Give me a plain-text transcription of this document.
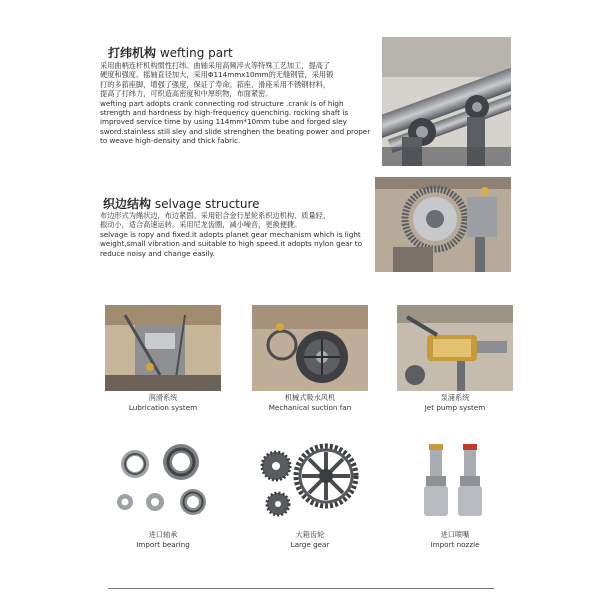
打纬机构 wefting part

采用曲柄连杆机构惯性打纬。曲轴采用高频淬火等特殊工艺加工，提高了

硬度和强度。摇轴直径加大，采用Φ114mmx10mm的无缝钢管，采用锻

打的多筘座脚，增强了强度，保证了寿命。筘座、滑座采用不锈钢材料，

提高了打纬力，可织造高密度和中厚织物，布面紧密。

wefting part adopts crank connecting rod structure .crank is of high

strength and hardness by high-frequency quenching. rocking shaft is

improved service time by using 114mm*10mm tube and forged sley

sword.stainless still sley and slide strenghen the beating power and proper

to weave high-density and thick fabric.

织边结构 selvage structure

布边形式为绳状边，布边紧固。采用铝合金行星轮系织边机构、质量轻、

振动小，适合高速运转。采用尼龙齿圈，减小噪音，更换便捷。

selvage is ropy and fixed.it adopts planet gear mechanism which is light

weight,small vibration and suitable to high speed.it adopts nylon gear to

reduce noisy and change easily.

润滑系统
Lubrication system
机械式吸水风机
Mechanical suction fan
泵浦系统
Jet pump system
进口轴承
Import bearing
大箱齿轮
Large gear
进口喷嘴
Import nozzle
